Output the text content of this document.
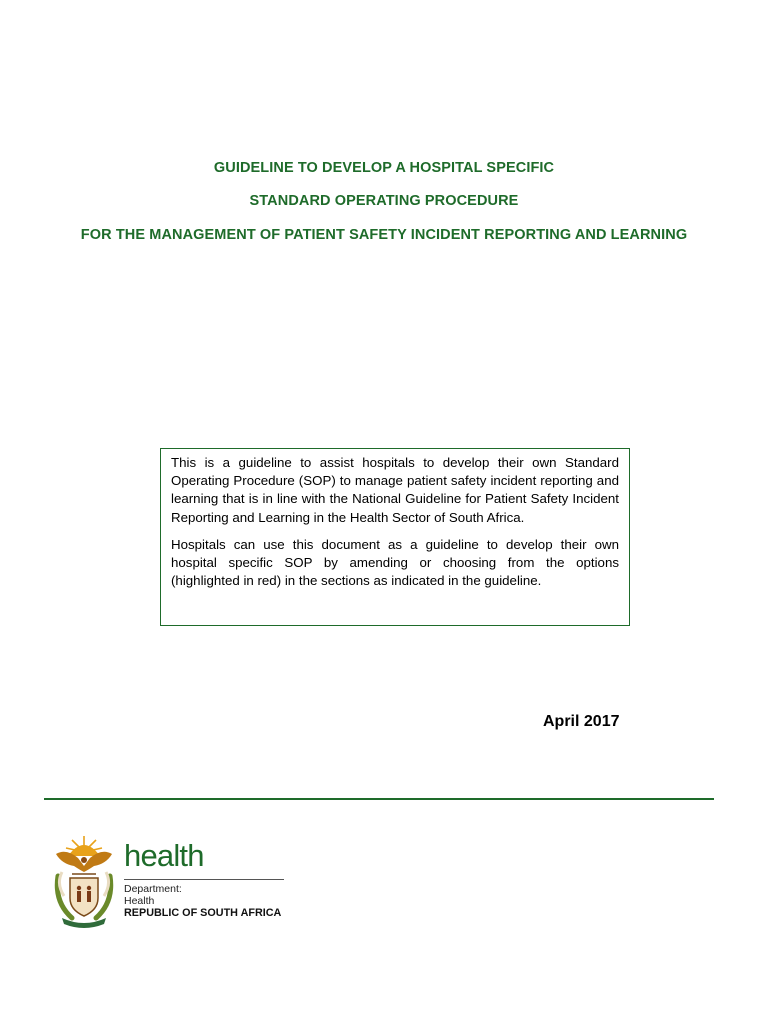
GUIDELINE TO DEVELOP A HOSPITAL SPECIFIC
STANDARD OPERATING PROCEDURE
FOR THE MANAGEMENT OF PATIENT SAFETY INCIDENT REPORTING AND LEARNING

This is a guideline to assist hospitals to develop their own Standard Operating Procedure (SOP) to manage patient safety incident reporting and learning that is in line with the National Guideline for Patient Safety Incident Reporting and Learning in the Health Sector of South Africa.

Hospitals can use this document as a guideline to develop their own hospital specific SOP by amending or choosing from the options (highlighted in red) in the sections as indicated in the guideline.

April 2017
health
Department:
Health
REPUBLIC OF SOUTH AFRICA
